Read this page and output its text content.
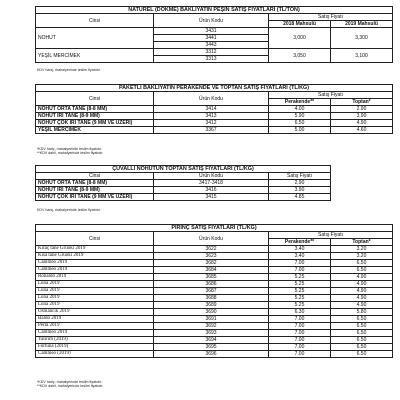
NATUREL (DÖKME) BAKLİYATIN PEŞİN SATIŞ FİYATLARI (TL/TON)			
Cinsi	Ürün Kodu	Satış Fiyatı	
		2018 Mahsulü	2019 Mahsulü
NOHUT	3431	3,000	3,300
	3441		
	3443		
YEŞİL MERCİMEK	3312	3,050	3,100
	3313		
KDV hariç, mahalyerinde teslim fiyatıdır.
PAKETLİ BAKLİYATIN PERAKENDE VE TOPTAN SATIŞ FİYATLARI (TL/KG)			
Cinsi	Ürün Kodu	Satış Fiyatı	
		Perakende**	Toptan*
NOHUT ORTA TANE (8-8 MM)	3414	4.00	2.90
NOHUT İRİ TANE (8-9 MM)	3413	5.90	3.90
NOHUT ÇOK İRİ TANE (9 MM VE ÜZERİ)	3412	6.50	4.90
YEŞİL MERCİMEK	3367	5.00	4.60
*KDV hariç, mahalyerinde teslim fiyatıdır.
**KDV dahil, mahalyerinde teslim fiyatıdır.
ÇUVALLI NOHUTUN TOPTAN SATIŞ FİYATLARI (TL/KG)			
Cinsi	Ürün Kodu	Satış Fiyatı	
NOHUT ORTA TANE (8-8 MM)	3417-3418	2.90	
NOHUT İRİ TANE (8-9 MM)	3416	3.90	
NOHUT ÇOK İRİ TANE (9 MM VE ÜZERİ)	3415	4.85	
KDV hariç, mahalyerinde teslim fiyatıdır.
PİRİNÇ SATIŞ FİYATLARI (TL/KG)			
Cinsi	Ürün Kodu	Satış Fiyatı	
		Perakende**	Toptan*
Kıraç tane Gruoki 2019	3622	3.40	3.20
Kısa tane Gruoki 2019	3623	3.40	3.20
Cammeo 2019	3682	7.00	6.50
Cammeo 2019	3684	7.00	6.50
Ronaldo 2019	3685	5.25	4.90
Luna 2019	3686	5.25	4.90
Luna 2019	3687	5.25	4.90
Luna 2019	3688	5.25	4.90
Luna 2019	3689	5.25	4.90
Osmancık 2019	3690	6.30	5.80
Baldo 2019	3691	7.00	6.50
Perla 2019	3692	7.00	6.50
Cammeo 2019	3693	7.00	6.50
Yatırım (2019)	3694	7.00	6.50
Fortuna (2019)	3695	7.00	6.50
Cammeo (2019)	3696	7.00	6.50
*KDV hariç, mahalyerinde teslim fiyatıdır.
**KDV dahil, mahalyerinde teslim fiyatıdır.
